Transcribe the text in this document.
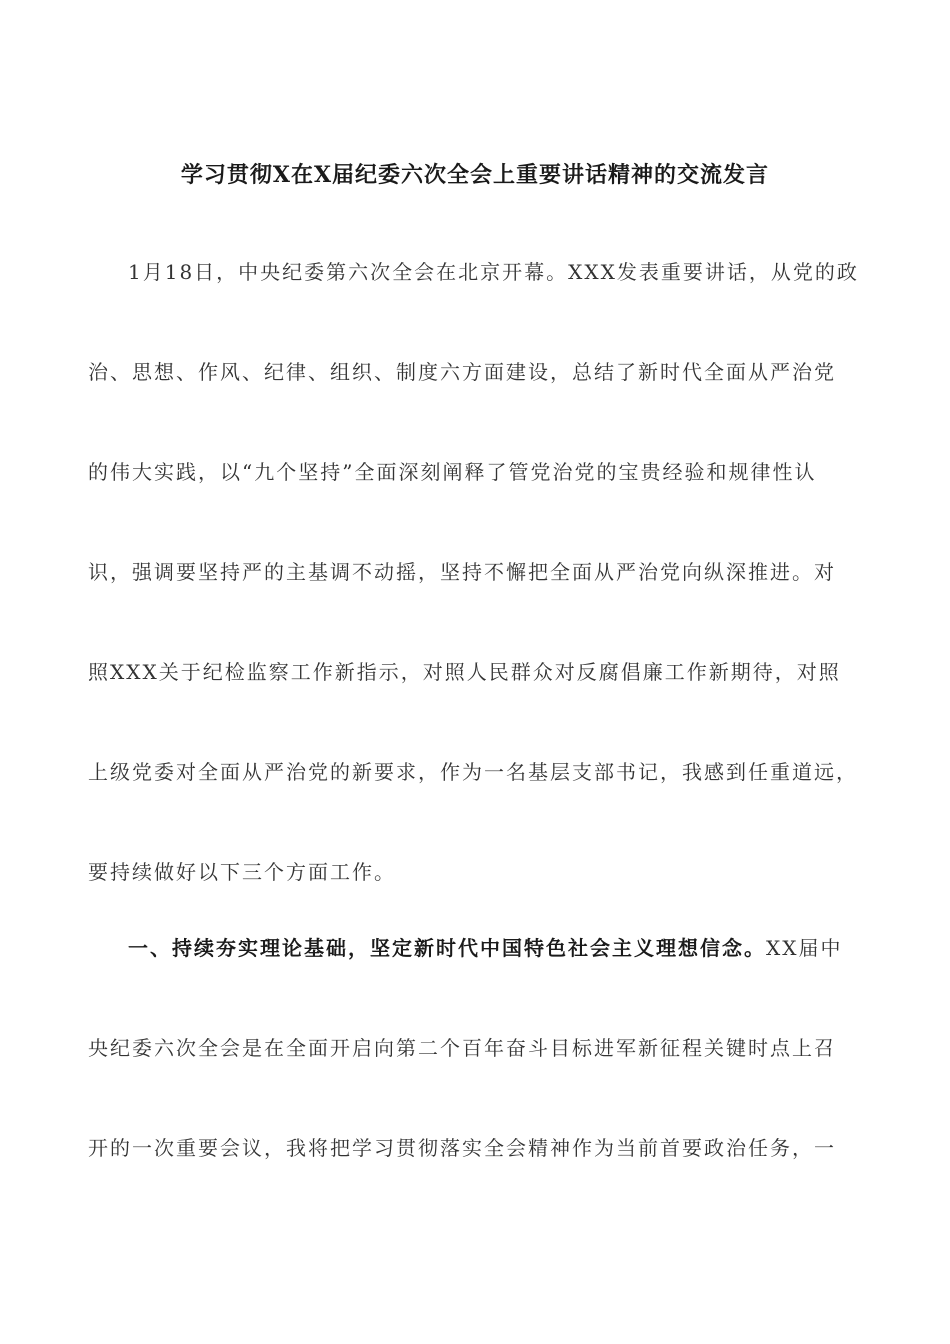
学习贯彻X在X届纪委六次全会上重要讲话精神的交流发言
1月18日，中央纪委第六次全会在北京开幕。XXX发表重要讲话，从党的政
治、思想、作风、纪律、组织、制度六方面建设，总结了新时代全面从严治党
的伟大实践，以“九个坚持”全面深刻阐释了管党治党的宝贵经验和规律性认
识，强调要坚持严的主基调不动摇，坚持不懈把全面从严治党向纵深推进。对
照XXX关于纪检监察工作新指示，对照人民群众对反腐倡廉工作新期待，对照
上级党委对全面从严治党的新要求，作为一名基层支部书记，我感到任重道远，
要持续做好以下三个方面工作。
一、持续夯实理论基础，坚定新时代中国特色社会主义理想信念。XX届中
央纪委六次全会是在全面开启向第二个百年奋斗目标进军新征程关键时点上召
开的一次重要会议，我将把学习贯彻落实全会精神作为当前首要政治任务，一
